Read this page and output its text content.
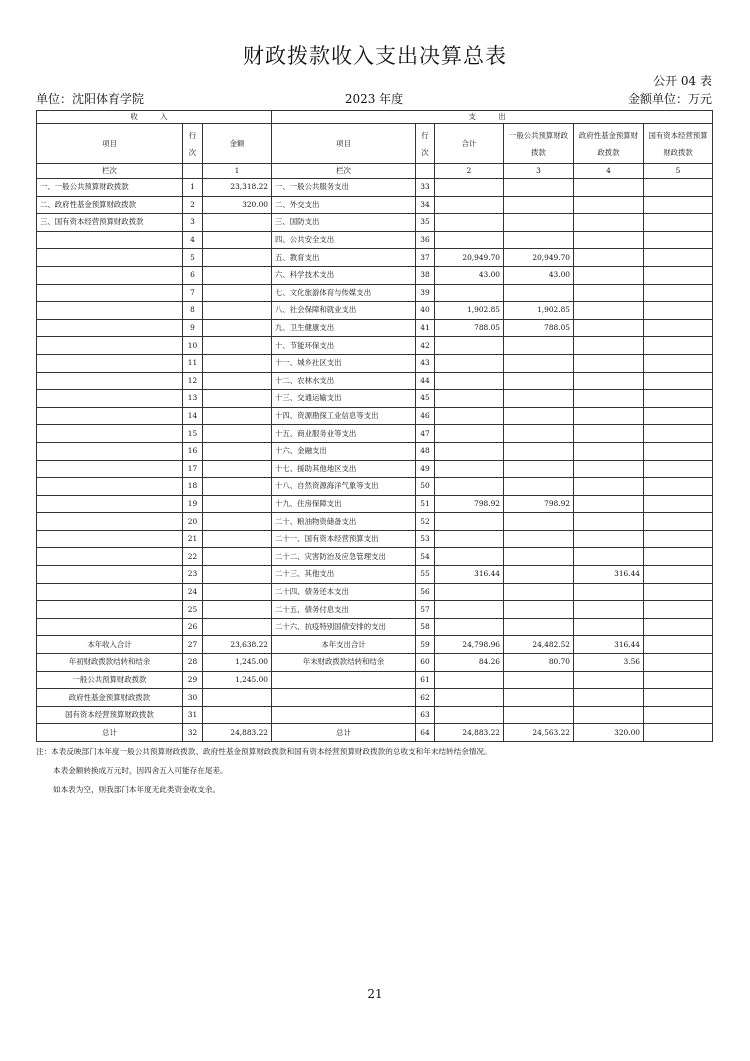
财政拨款收入支出决算总表
公开 04 表
单位：沈阳体育学院	2023 年度	金额单位：万元
收 入			支 出					
项目	行次	金额	项目	行次	合计	一般公共预算财政拨款	政府性基金预算财政拨款	国有资本经营预算财政拨款
栏次		1	栏次		2	3	4	5
一、一般公共预算财政拨款	1	23,318.22	一、一般公共服务支出	33				
二、政府性基金预算财政拨款	2	320.00	二、外交支出	34				
三、国有资本经营预算财政拨款	3		三、国防支出	35				
	4		四、公共安全支出	36				
	5		五、教育支出	37	20,949.70	20,949.70		
	6		六、科学技术支出	38	43.00	43.00		
	7		七、文化旅游体育与传媒支出	39				
	8		八、社会保障和就业支出	40	1,902.85	1,902.85		
	9		九、卫生健康支出	41	788.05	788.05		
	10		十、节能环保支出	42				
	11		十一、城乡社区支出	43				
	12		十二、农林水支出	44				
	13		十三、交通运输支出	45				
	14		十四、资源勘探工业信息等支出	46				
	15		十五、商业服务业等支出	47				
	16		十六、金融支出	48				
	17		十七、援助其他地区支出	49				
	18		十八、自然资源海洋气象等支出	50				
	19		十九、住房保障支出	51	798.92	798.92		
	20		二十、粮油物资储备支出	52				
	21		二十一、国有资本经营预算支出	53				
	22		二十二、灾害防治及应急管理支出	54				
	23		二十三、其他支出	55	316.44		316.44	
	24		二十四、债务还本支出	56				
	25		二十五、债务付息支出	57				
	26		二十六、抗疫特别国债安排的支出	58				
本年收入合计	27	23,638.22	本年支出合计	59	24,798.96	24,482.52	316.44	
年初财政拨款结转和结余	28	1,245.00	年末财政拨款结转和结余	60	84.26	80.70	3.56	
一般公共预算财政拨款	29	1,245.00		61				
政府性基金预算财政拨款	30			62				
国有资本经营预算财政拨款	31			63				
总计	32	24,883.22	总计	64	24,883.22	24,563.22	320.00	
注：本表反映部门本年度一般公共预算财政拨款、政府性基金预算财政拨款和国有资本经营预算财政拨款的总收支和年末结转结余情况。
本表金额转换成万元时，因四舍五入可能存在尾差。
如本表为空，则我部门本年度无此类资金收支余。
21
